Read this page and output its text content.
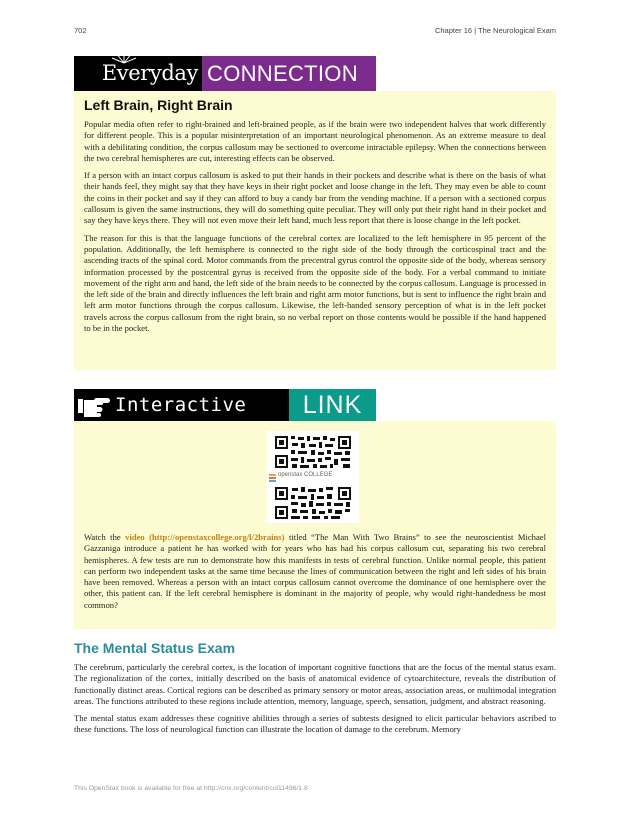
702	Chapter 16 | The Neurological Exam
Everyday CONNECTION
Left Brain, Right Brain

Popular media often refer to right-brained and left-brained people, as if the brain were two independent halves that work differently for different people. This is a popular misinterpretation of an important neurological phenomenon. As an extreme measure to deal with a debilitating condition, the corpus callosum may be sectioned to overcome intractable epilepsy. When the connections between the two cerebral hemispheres are cut, interesting effects can be observed.

If a person with an intact corpus callosum is asked to put their hands in their pockets and describe what is there on the basis of what their hands feel, they might say that they have keys in their right pocket and loose change in the left. They may even be able to count the coins in their pocket and say if they can afford to buy a candy bar from the vending machine. If a person with a sectioned corpus callosum is given the same instructions, they will do something quite peculiar. They will only put their right hand in their pocket and say they have keys there. They will not even move their left hand, much less report that there is loose change in the left pocket.

The reason for this is that the language functions of the cerebral cortex are localized to the left hemisphere in 95 percent of the population. Additionally, the left hemisphere is connected to the right side of the body through the corticospinal tract and the ascending tracts of the spinal cord. Motor commands from the precentral gyrus control the opposite side of the body, whereas sensory information processed by the postcentral gyrus is received from the opposite side of the body. For a verbal command to initiate movement of the right arm and hand, the left side of the brain needs to be connected by the corpus callosum. Language is processed in the left side of the brain and directly influences the left brain and right arm motor functions, but is sent to influence the right brain and left arm motor functions through the corpus callosum. Likewise, the left-handed sensory perception of what is in the left pocket travels across the corpus callosum from the right brain, so no verbal report on those contents would be possible if the hand happened to be in the pocket.

Interactive	LINK
openstax COLLEGE

Watch the video (http://openstaxcollege.org/l/2brains) titled “The Man With Two Brains” to see the neuroscientist Michael Gazzaniga introduce a patient he has worked with for years who has had his corpus callosum cut, separating his two cerebral hemispheres. A few tests are run to demonstrate how this manifests in tests of cerebral function. Unlike normal people, this patient can perform two independent tasks at the same time because the lines of communication between the right and left sides of his brain have been removed. Whereas a person with an intact corpus callosum cannot overcome the dominance of one hemisphere over the other, this patient can. If the left cerebral hemisphere is dominant in the majority of people, why would right-handedness be most common?

The Mental Status Exam

The cerebrum, particularly the cerebral cortex, is the location of important cognitive functions that are the focus of the mental status exam. The regionalization of the cortex, initially described on the basis of anatomical evidence of cytoarchitecture, reveals the distribution of functionally distinct areas. Cortical regions can be described as primary sensory or motor areas, association areas, or multimodal integration areas. The functions attributed to these regions include attention, memory, language, speech, sensation, judgment, and abstract reasoning.

The mental status exam addresses these cognitive abilities through a series of subtests designed to elicit particular behaviors ascribed to these functions. The loss of neurological function can illustrate the location of damage to the cerebrum. Memory

This OpenStax book is available for free at http://cnx.org/content/col11496/1.8
